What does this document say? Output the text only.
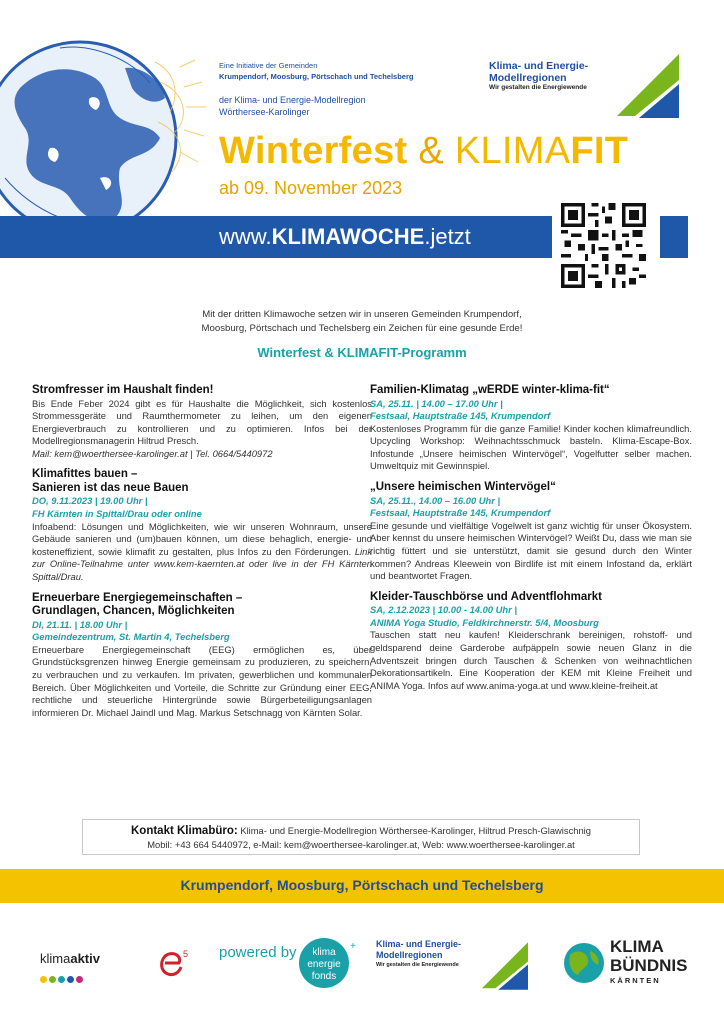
Eine Initiative der Gemeinden
Krumpendorf, Moosburg, Pörtschach und Techelsberg
der Klima- und Energie-Modellregion
Wörthersee-Karolinger
Klima- und Energie-
Modellregionen
Wir gestalten die Energiewende
Winterfest & KLIMAFIT
ab 09. November 2023
www.KLIMAWOCHE.jetzt
Mit der dritten Klimawoche setzen wir in unseren Gemeinden Krumpendorf,
Moosburg, Pörtschach und Techelsberg ein Zeichen für eine gesunde Erde!
Winterfest & KLIMAFIT-Programm
Stromfresser im Haushalt finden!

Bis Ende Feber 2024 gibt es für Haushalte die Möglichkeit, sich kostenlos Strommessgeräte und Raumthermometer zu leihen, um den eigenen Energieverbrauch zu kontrollieren und zu optimieren. Infos bei der Modellregionsmanagerin Hiltrud Presch.

Mail: kem@woerthersee-karolinger.at | Tel. 0664/5440972

Klimafittes bauen –
Sanieren ist das neue Bauen
DO, 9.11.2023 | 19.00 Uhr |
FH Kärnten in Spittal/Drau oder online

Infoabend: Lösungen und Möglichkeiten, wie wir unseren Wohnraum, unsere Gebäude sanieren und (um)bauen können, um diese behaglich, energie- und kosteneffizient, sowie klimafit zu gestalten, plus Infos zu den Förderungen. Link zur Online-Teilnahme unter www.kem-kaernten.at oder live in der FH Kärnten Spittal/Drau.

Erneuerbare Energiegemeinschaften –
Grundlagen, Chancen, Möglichkeiten
DI, 21.11. | 18.00 Uhr |
Gemeindezentrum, St. Martin 4, Techelsberg

Erneuerbare Energiegemeinschaft (EEG) ermöglichen es, über Grundstücksgrenzen hinweg Energie gemeinsam zu produzieren, zu speichern, zu verbrauchen und zu verkaufen. Im privaten, gewerblichen und kommunalen Bereich. Über Möglichkeiten und Vorteile, die Schritte zur Gründung einer EEG, rechtliche und steuerliche Hintergründe sowie Bürgerbeteiligungsanlagen informieren Dr. Michael Jaindl und Mag. Markus Setschnagg von Kärnten Solar.

Familien-Klimatag „wERDE winter-klima-fit“
SA, 25.11. | 14.00 – 17.00 Uhr |
Festsaal, Hauptstraße 145, Krumpendorf

Kostenloses Programm für die ganze Familie! Kinder kochen klimafreundlich. Upcycling Workshop: Weihnachtsschmuck basteln. Klima-Escape-Box. Infostunde „Unsere heimischen Wintervögel“, Vogelfutter selber machen. Umweltquiz mit Gewinnspiel.

„Unsere heimischen Wintervögel“
SA, 25.11., 14.00 – 16.00 Uhr |
Festsaal, Hauptstraße 145, Krumpendorf

Eine gesunde und vielfältige Vogelwelt ist ganz wichtig für unser Ökosystem. Aber kennst du unsere heimischen Wintervögel? Weißt Du, dass wie man sie richtig füttert und sie unterstützt, damit sie gesund durch den Winter kommen? Andreas Kleewein von Birdlife ist mit einem Infostand da, erklärt und beantwortet Fragen.

Kleider-Tauschbörse und Adventflohmarkt
SA, 2.12.2023 | 10.00 - 14.00 Uhr |
ANIMA Yoga Studio, Feldkirchnerstr. 5/4, Moosburg

Tauschen statt neu kaufen! Kleiderschrank bereinigen, rohstoff- und geldsparend deine Garderobe aufpäppeln sowie neuen Glanz in die Adventszeit bringen durch Tauschen & Schenken von weihnachtlichen Dekorationsartikeln. Eine Kooperation der KEM mit Kleine Freiheit und ANIMA Yoga. Infos auf www.anima-yoga.at und www.kleine-freiheit.at

Kontakt Klimabüro: Klima- und Energie-Modellregion Wörthersee-Karolinger, Hiltrud Presch-Glawischnig
Mobil: +43 664 5440972, e-Mail: kem@woerthersee-karolinger.at, Web: www.woerthersee-karolinger.at
Krumpendorf, Moosburg, Pörtschach und Techelsberg
klimaaktiv	5 powered by klima
energie
fonds
+ Klima- und Energie-
Modellregionen
Wir gestalten die Energiewende
KLIMA
BÜNDNIS
KÄRNTEN
